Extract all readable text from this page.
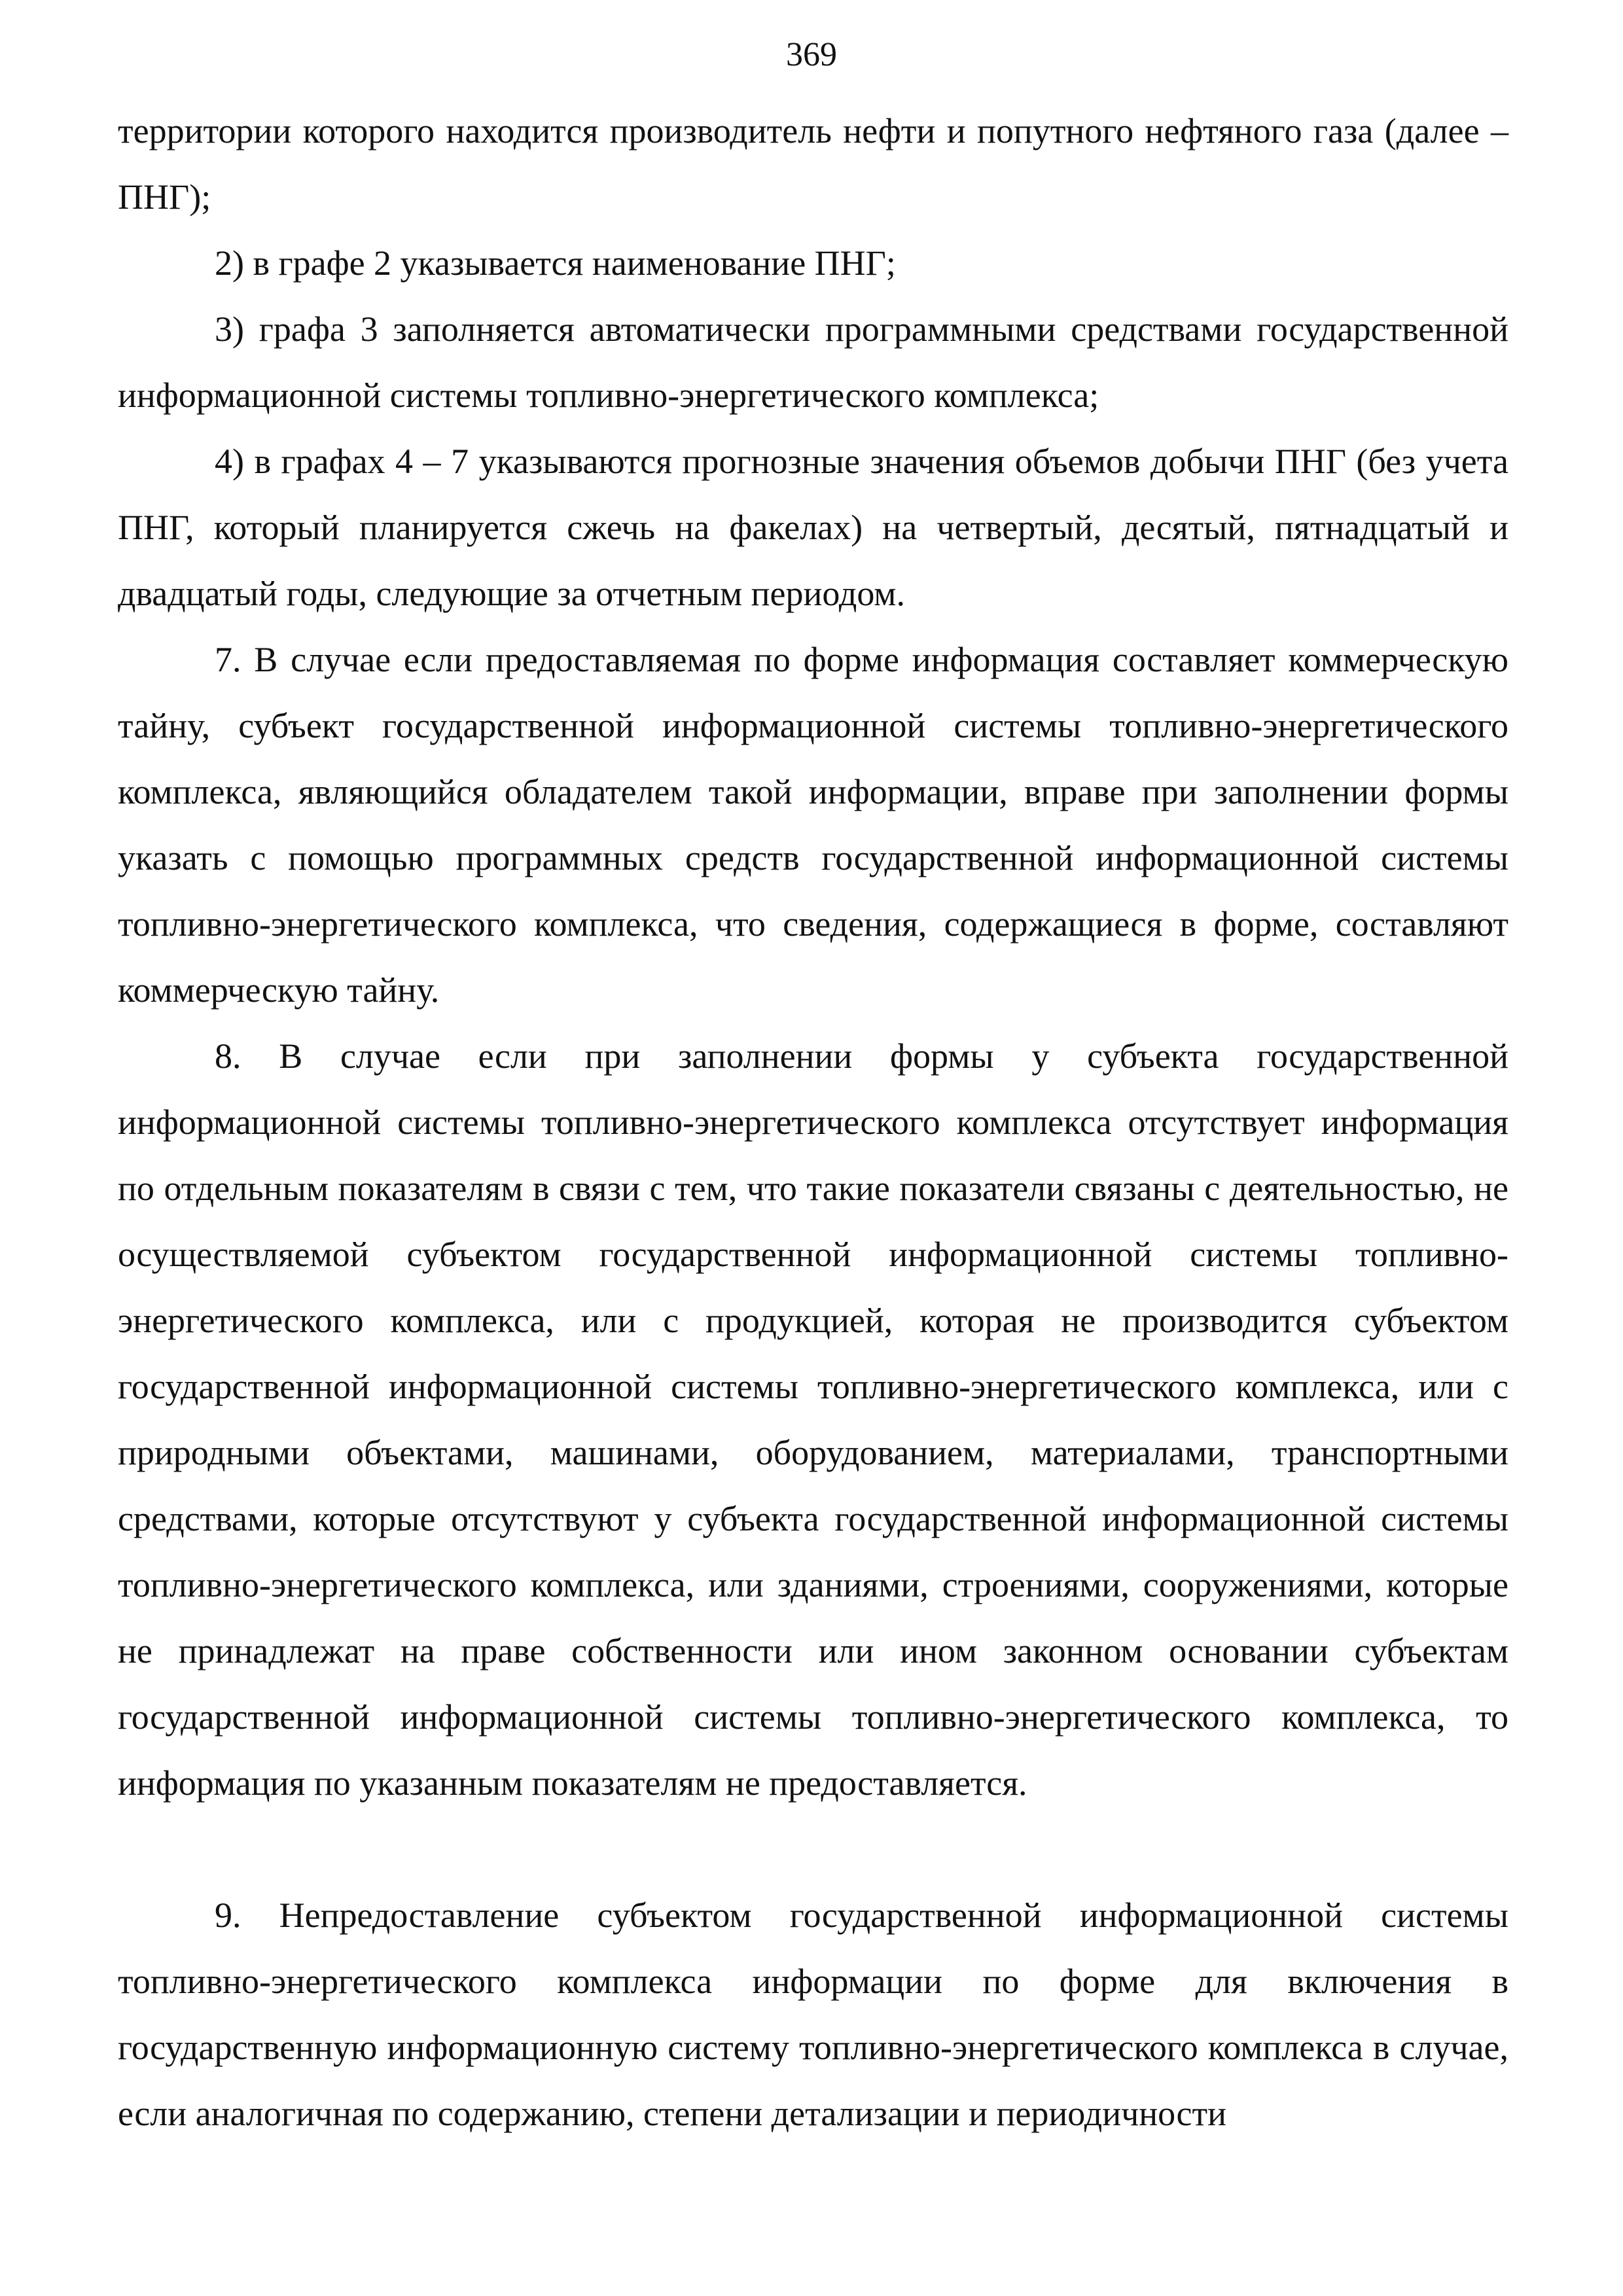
369

территории которого находится производитель нефти и попутного нефтяного газа (далее – ПНГ);

2) в графе 2 указывается наименование ПНГ;

3) графа 3 заполняется автоматически программными средствами государственной информационной системы топливно-энергетического комплекса;

4) в графах 4 – 7 указываются прогнозные значения объемов добычи ПНГ (без учета ПНГ, который планируется сжечь на факелах) на четвертый, десятый, пятнадцатый и двадцатый годы, следующие за отчетным периодом.

7. В случае если предоставляемая по форме информация составляет коммерческую тайну, субъект государственной информационной системы топливно-энергетического комплекса, являющийся обладателем такой информации, вправе при заполнении формы указать с помощью программных средств государственной информационной системы топливно-энергетического комплекса, что сведения, содержащиеся в форме, составляют коммерческую тайну.

8. В случае если при заполнении формы у субъекта государственной информационной системы топливно-энергетического комплекса отсутствует информация по отдельным показателям в связи с тем, что такие показатели связаны с деятельностью, не осуществляемой субъектом государственной информационной системы топливно-энергетического комплекса, или с продукцией, которая не производится субъектом государственной информационной системы топливно-энергетического комплекса, или с природными объектами, машинами, оборудованием, материалами, транспортными средствами, которые отсутствуют у субъекта государственной информационной системы топливно-энергетического комплекса, или зданиями, строениями, сооружениями, которые не принадлежат на праве собственности или ином законном основании субъектам государственной информационной системы топливно-энергетического комплекса, то информация по указанным показателям не предоставляется.

9. Непредоставление субъектом государственной информационной системы топливно-энергетического комплекса информации по форме для включения в государственную информационную систему топливно-энергетического комплекса в случае, если аналогичная по содержанию, степени детализации и периодичности
